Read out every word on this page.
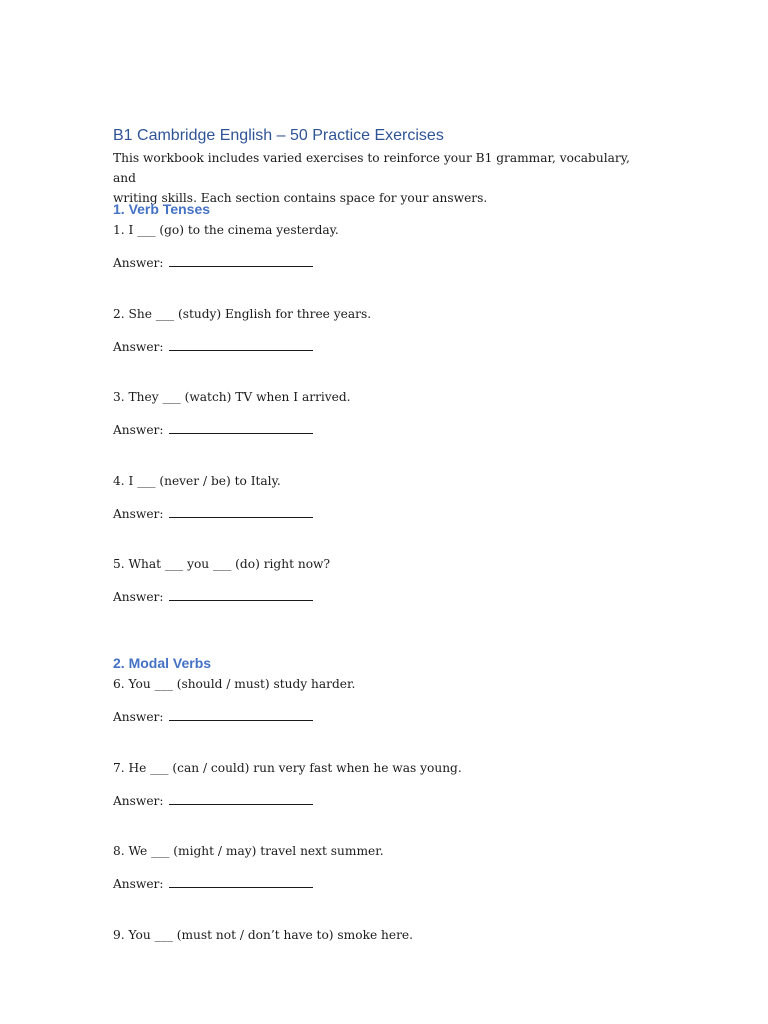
B1 Cambridge English – 50 Practice Exercises
This workbook includes varied exercises to reinforce your B1 grammar, vocabulary, and
writing skills. Each section contains space for your answers.
1. Verb Tenses

1. I ___ (go) to the cinema yesterday.

Answer:

2. She ___ (study) English for three years.

Answer:

3. They ___ (watch) TV when I arrived.

Answer:

4. I ___ (never / be) to Italy.

Answer:

5. What ___ you ___ (do) right now?

Answer:

2. Modal Verbs

6. You ___ (should / must) study harder.

Answer:

7. He ___ (can / could) run very fast when he was young.

Answer:

8. We ___ (might / may) travel next summer.

Answer:

9. You ___ (must not / don’t have to) smoke here.
